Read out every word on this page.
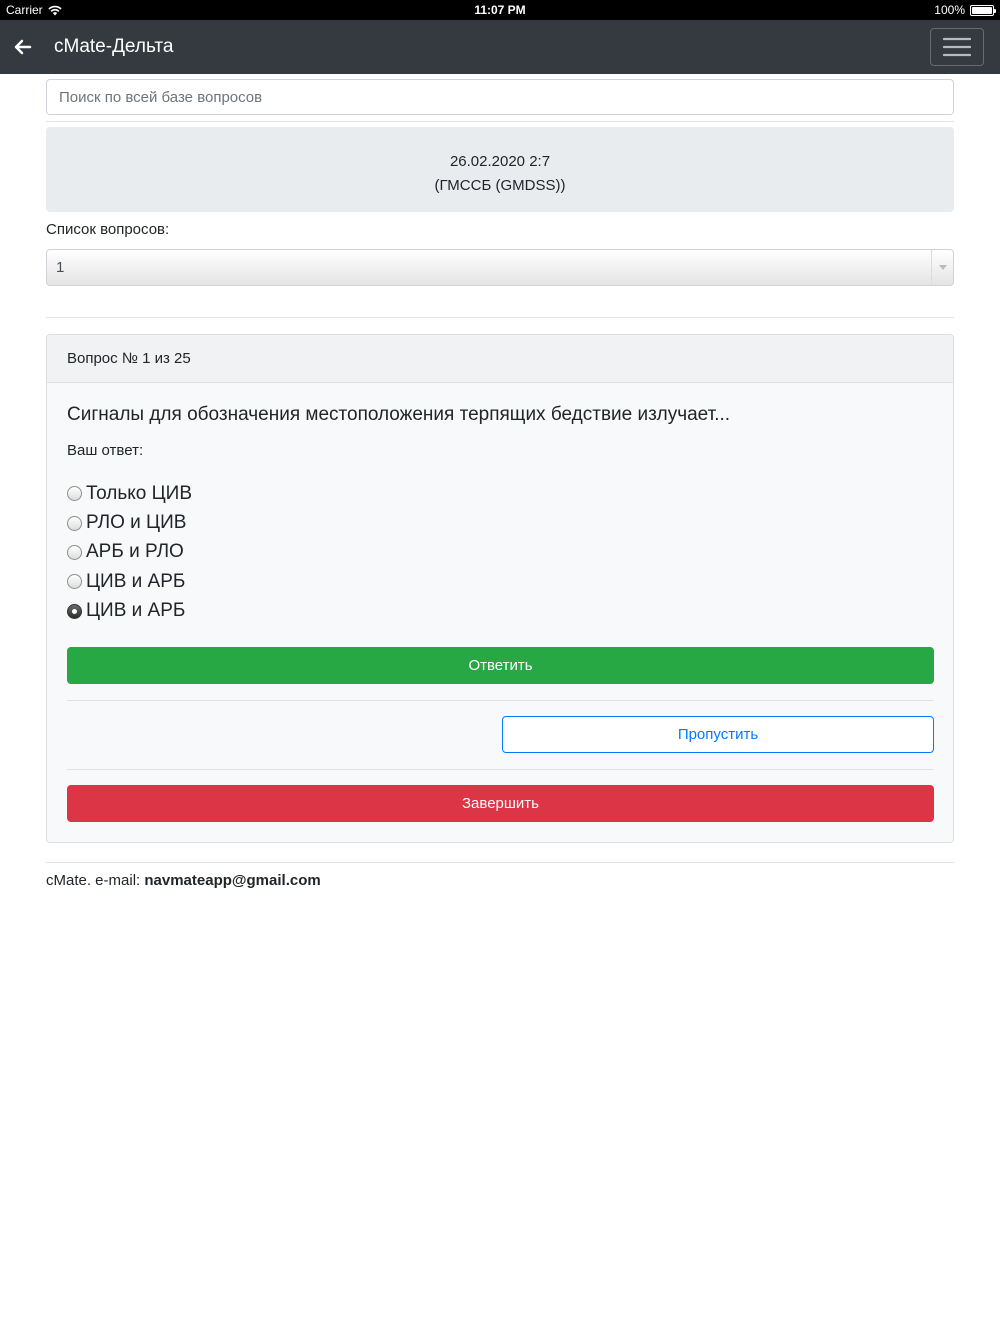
Carrier	11:07 PM	100%
сMate-Дельта
Поиск по всей базе вопросов
26.02.2020 2:7
(ГМССБ (GMDSS))
Список вопросов:
1
Вопрос № 1 из 25
Сигналы для обозначения местоположения терпящих бедствие излучает...
Ваш ответ:
Только ЦИВ
РЛО и ЦИВ
АРБ и РЛО
ЦИВ и АРБ
ЦИВ и АРБ
Ответить
Пропустить
Завершить
cMate. e-mail: navmateapp@gmail.com
